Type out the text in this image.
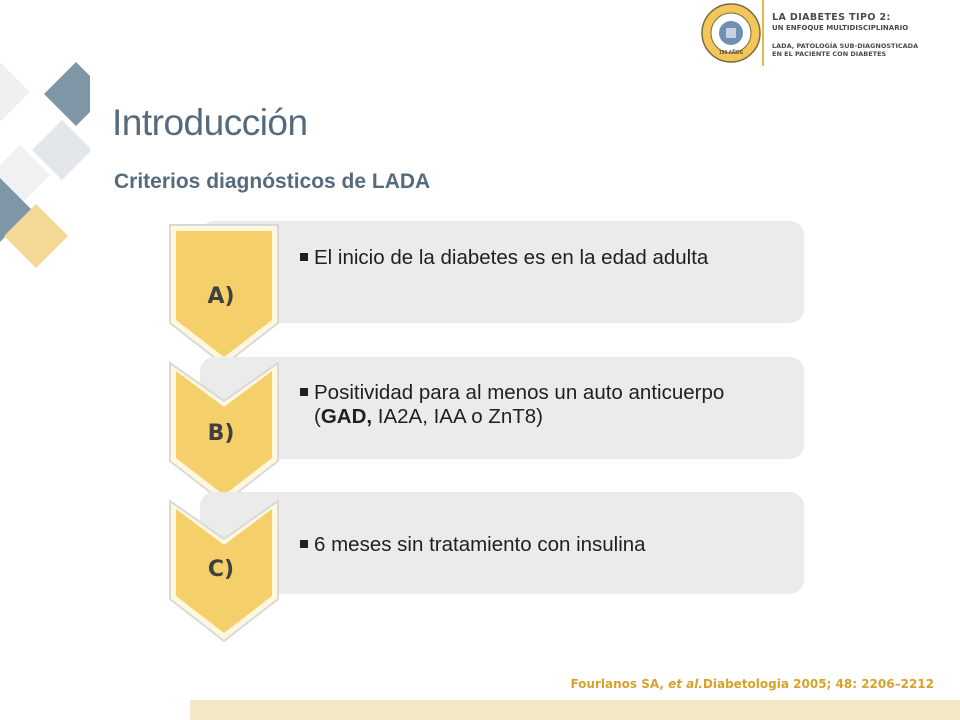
150 AÑOS
LA DIABETES TIPO 2:
UN ENFOQUE MULTIDISCIPLINARIO
LADA, PATOLOGÍA SUB-DIAGNOSTICADA
EN EL PACIENTE CON DIABETES
Introducción
Criterios diagnósticos de LADA
A)
El inicio de la diabetes es en la edad adulta
B)
Positividad para al menos un auto anticuerpo (GAD, IA2A, IAA o ZnT8)
C)
6 meses sin tratamiento con insulina
Fourlanos SA, et al.Diabetologia 2005; 48: 2206–2212
